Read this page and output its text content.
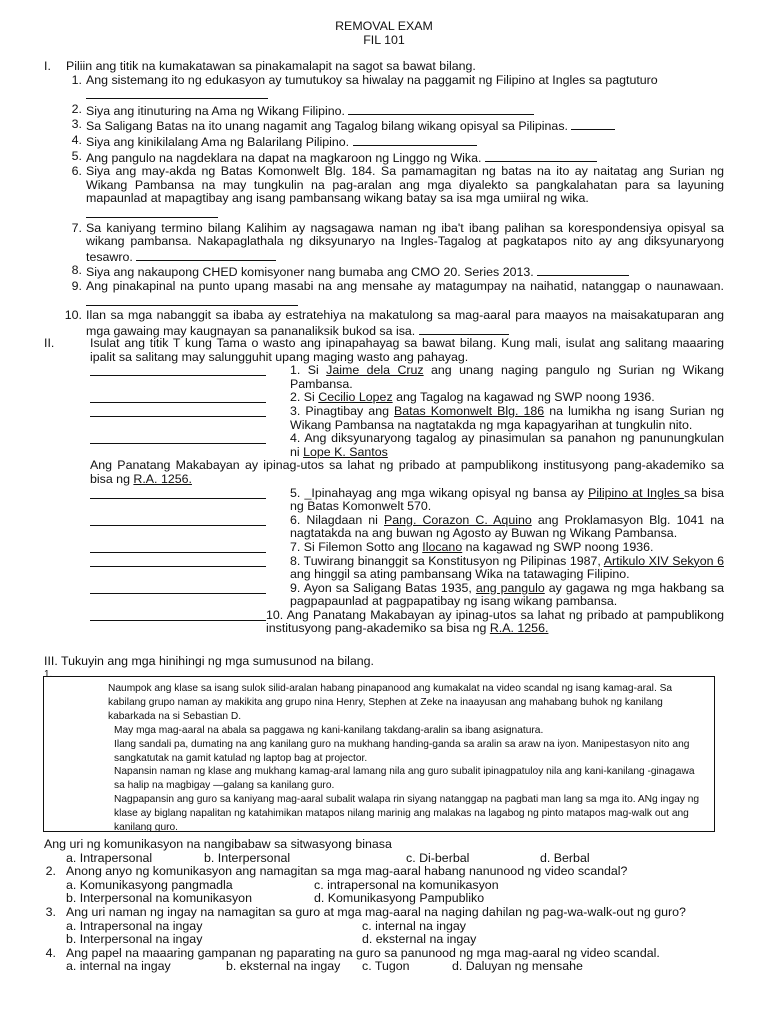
REMOVAL EXAM
FIL 101
I. Piliin ang titik na kumakatawan sa pinakamalapit na sagot sa bawat bilang.
1. Ang sistemang ito ng edukasyon ay tumutukoy sa hiwalay na paggamit ng Filipino at Ingles sa pagtuturo

2. Siya ang itinuturing na Ama ng Wikang Filipino.
3. Sa Saligang Batas na ito unang nagamit ang Tagalog bilang wikang opisyal sa Pilipinas.
4. Siya ang kinikilalang Ama ng Balarilang Pilipino.
5. Ang pangulo na nagdeklara na dapat na magkaroon ng Linggo ng Wika.
6. Siya ang may-akda ng Batas Komonwelt Blg. 184. Sa pamamagitan ng batas na ito ay naitatag ang Surian ng Wikang Pambansa na may tungkulin na pag-aralan ang mga diyalekto sa pangkalahatan para sa layuning mapaunlad at mapagtibay ang isang pambansang wikang batay sa isa mga umiiral ng wika.

7. Sa kaniyang termino bilang Kalihim ay nagsagawa naman ng iba't ibang palihan sa korespondensiya opisyal sa wikang pambansa. Nakapaglathala ng diksyunaryo na Ingles-Tagalog at pagkatapos nito ay ang diksyunaryong tesawro.
8. Siya ang nakaupong CHED komisyoner nang bumaba ang CMO 20. Series 2013.
9. Ang pinakapinal na punto upang masabi na ang mensahe ay matagumpay na naihatid, natanggap o naunawaan.
10. Ilan sa mga nabanggit sa ibaba ay estratehiya na makatulong sa mag-aaral para maayos na maisakatuparan ang mga gawaing may kaugnayan sa pananaliksik bukod sa isa.
II.	Isulat ang titik T kung Tama o wasto ang ipinapahayag sa bawat bilang. Kung mali, isulat ang salitang maaaring ipalit sa salitang may salungguhit upang maging wasto ang pahayag.
1. Si Jaime dela Cruz ang unang naging pangulo ng Surian ng Wikang Pambansa.
2. Si Cecilio Lopez ang Tagalog na kagawad ng SWP noong 1936.
3. Pinagtibay ang Batas Komonwelt Blg. 186 na lumikha ng isang Surian ng Wikang Pambansa na nagtatakda ng mga kapagyarihan at tungkulin nito.
4. Ang diksyunaryong tagalog ay pinasimulan sa panahon ng panunungkulan ni Lope K. Santos
Ang Panatang Makabayan ay ipinag-utos sa lahat ng pribado at pampublikong institusyong pang-akademiko sa bisa ng R.A. 1256.
5. _Ipinahayag ang mga wikang opisyal ng bansa ay Pilipino at Ingles sa bisa ng Batas Komonwelt 570.
6. Nilagdaan ni Pang. Corazon C. Aquino ang Proklamasyon Blg. 1041 na nagtatakda na ang buwan ng Agosto ay Buwan ng Wikang Pambansa.
7. Si Filemon Sotto ang Ilocano na kagawad ng SWP noong 1936.
8. Tuwirang binanggit sa Konstitusyon ng Pilipinas 1987, Artikulo XIV Sekyon 6 ang hinggil sa ating pambansang Wika na tatawaging Filipino.
9. Ayon sa Saligang Batas 1935, ang pangulo ay gagawa ng mga hakbang sa pagpapaunlad at pagpapatibay ng isang wikang pambansa.
10. Ang Panatang Makabayan ay ipinag-utos sa lahat ng pribado at pampublikong institusyong pang-akademiko sa bisa ng R.A. 1256.
III. Tukuyin ang mga hinihingi ng mga sumusunod na bilang.
1.

Naumpok ang klase sa isang sulok silid-aralan habang pinapanood ang kumakalat na video scandal ng isang kamag-aral. Sa kabilang grupo naman ay makikita ang grupo nina Henry, Stephen at Zeke na inaayusan ang mahabang buhok ng kanilang kabarkada na si Sebastian D.

May mga mag-aaral na abala sa paggawa ng kani-kanilang takdang-aralin sa ibang asignatura.

Ilang sandali pa, dumating na ang kanilang guro na mukhang handing-ganda sa aralin sa araw na iyon. Manipestasyon nito ang sangkatutak na gamit katulad ng laptop bag at projector.

Napansin naman ng klase ang mukhang kamag-aral lamang nila ang guro subalit ipinagpatuloy nila ang kani-kanilang -ginagawa sa halip na magbigay —galang sa kanilang guro.

Nagpapansin ang guro sa kaniyang mag-aaral subalit walapa rin siyang natanggap na pagbati man lang sa mga ito. ANg ingay ng klase ay biglang napalitan ng katahimikan matapos nilang marinig ang malakas na lagabog ng pinto matapos mag-walk out ang kanilang guro.

Ang uri ng komunikasyon na nangibabaw sa sitwasyong binasa
a. Intrapersonal	b. Interpersonal	c. Di-berbal	d. Berbal
2. Anong anyo ng komunikasyon ang namagitan sa mga mag-aaral habang nanunood ng video scandal?
a. Komunikasyong pangmadla	c. intrapersonal na komunikasyon
b. Interpersonal na komunikasyon	d. Komunikasyong Pampubliko
3. Ang uri naman ng ingay na namagitan sa guro at mga mag-aaral na naging dahilan ng pag-wa-walk-out ng guro?
a. Intrapersonal na ingay	c. internal na ingay
b. Interpersonal na ingay	d. eksternal na ingay
4. Ang papel na maaaring gampanan ng paparating na guro sa panunood ng mga mag-aaral ng video scandal.
a. internal na ingay	b. eksternal na ingay c. Tugon	d. Daluyan ng mensahe
